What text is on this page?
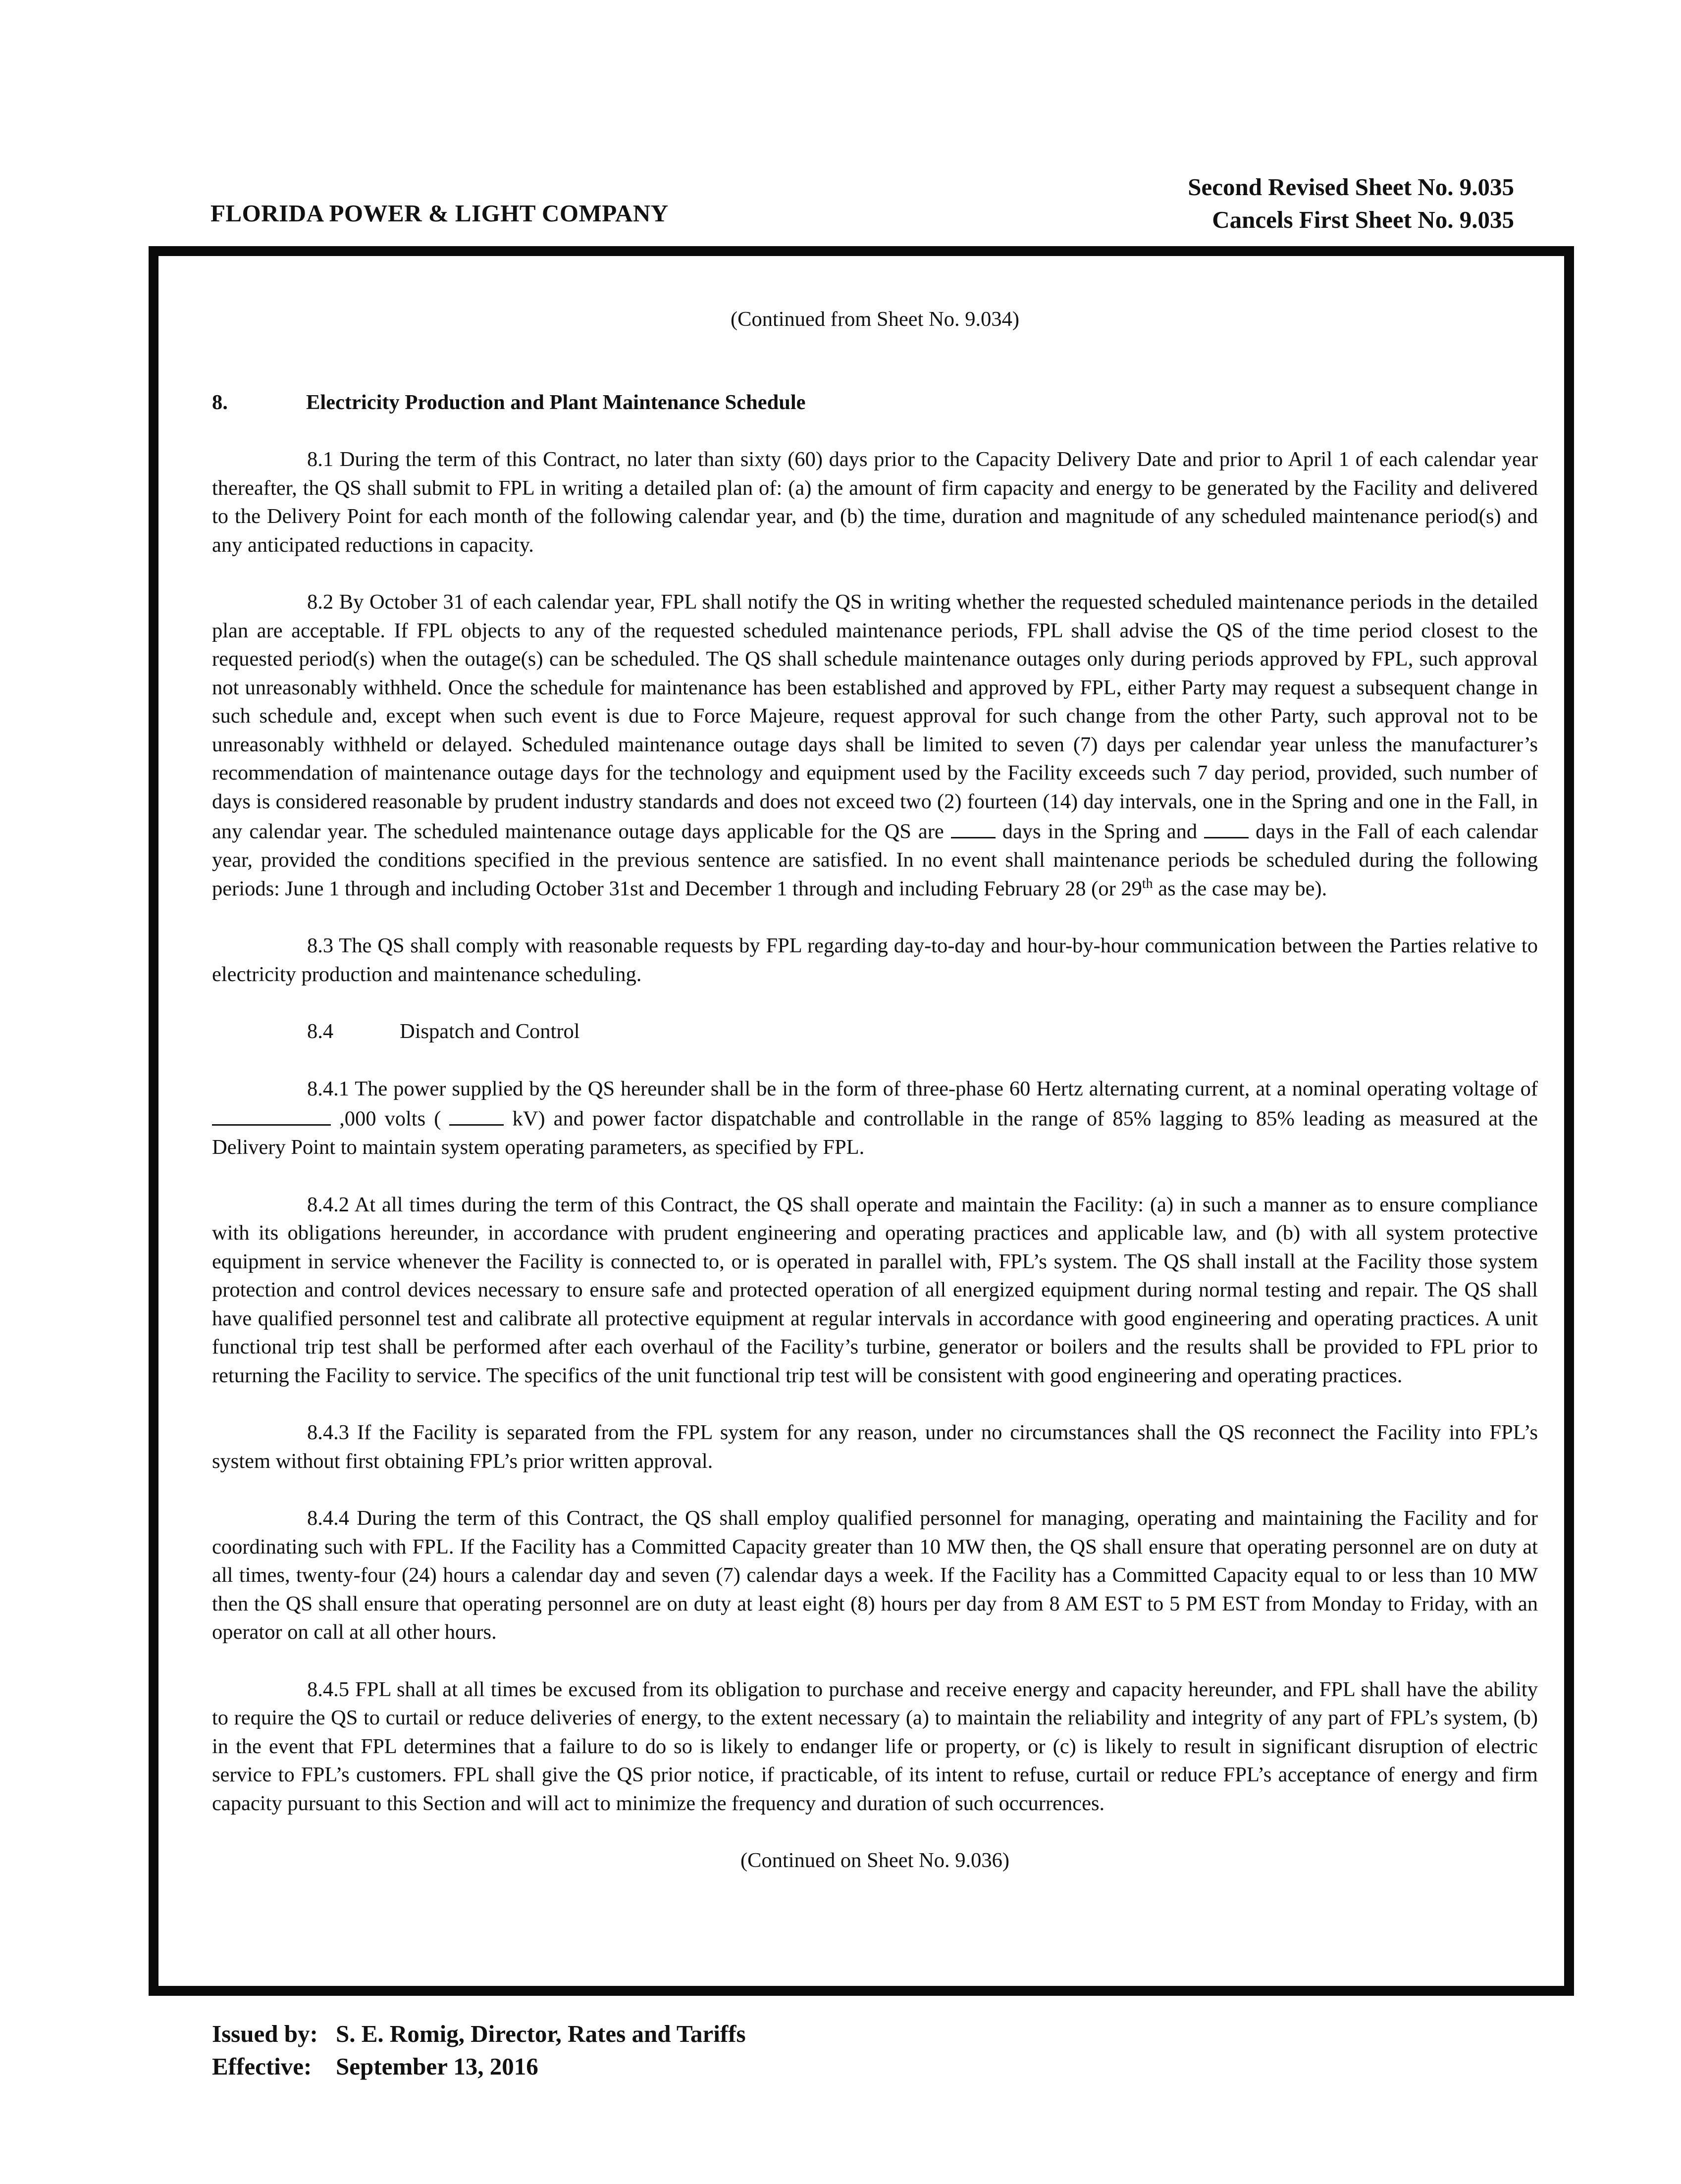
FLORIDA POWER & LIGHT COMPANY
Second Revised Sheet No. 9.035
Cancels First Sheet No. 9.035
(Continued from Sheet No. 9.034)
8.	Electricity Production and Plant Maintenance Schedule

8.1 During the term of this Contract, no later than sixty (60) days prior to the Capacity Delivery Date and prior to April 1 of each calendar year thereafter, the QS shall submit to FPL in writing a detailed plan of: (a) the amount of firm capacity and energy to be generated by the Facility and delivered to the Delivery Point for each month of the following calendar year, and (b) the time, duration and magnitude of any scheduled maintenance period(s) and any anticipated reductions in capacity.

8.2 By October 31 of each calendar year, FPL shall notify the QS in writing whether the requested scheduled maintenance periods in the detailed plan are acceptable. If FPL objects to any of the requested scheduled maintenance periods, FPL shall advise the QS of the time period closest to the requested period(s) when the outage(s) can be scheduled. The QS shall schedule maintenance outages only during periods approved by FPL, such approval not unreasonably withheld. Once the schedule for maintenance has been established and approved by FPL, either Party may request a subsequent change in such schedule and, except when such event is due to Force Majeure, request approval for such change from the other Party, such approval not to be unreasonably withheld or delayed. Scheduled maintenance outage days shall be limited to seven (7) days per calendar year unless the manufacturer’s recommendation of maintenance outage days for the technology and equipment used by the Facility exceeds such 7 day period, provided, such number of days is considered reasonable by prudent industry standards and does not exceed two (2) fourteen (14) day intervals, one in the Spring and one in the Fall, in any calendar year. The scheduled maintenance outage days applicable for the QS are	days in the Spring and	days in the Fall of each calendar year, provided the conditions specified in the previous sentence are satisfied. In no event shall maintenance periods be scheduled during the following periods: June 1 through and including October 31st and December 1 through and including February 28 (or 29th as the case may be).

8.3 The QS shall comply with reasonable requests by FPL regarding day-to-day and hour-by-hour communication between the Parties relative to electricity production and maintenance scheduling.

8.4	Dispatch and Control

8.4.1 The power supplied by the QS hereunder shall be in the form of three-phase 60 Hertz alternating current, at a nominal operating voltage of  ,000 volts (	kV) and power factor dispatchable and controllable in the range of 85% lagging to 85% leading as measured at the Delivery Point to maintain system operating parameters, as specified by FPL.

8.4.2 At all times during the term of this Contract, the QS shall operate and maintain the Facility: (a) in such a manner as to ensure compliance with its obligations hereunder, in accordance with prudent engineering and operating practices and applicable law, and (b) with all system protective equipment in service whenever the Facility is connected to, or is operated in parallel with, FPL’s system. The QS shall install at the Facility those system protection and control devices necessary to ensure safe and protected operation of all energized equipment during normal testing and repair. The QS shall have qualified personnel test and calibrate all protective equipment at regular intervals in accordance with good engineering and operating practices. A unit functional trip test shall be performed after each overhaul of the Facility’s turbine, generator or boilers and the results shall be provided to FPL prior to returning the Facility to service. The specifics of the unit functional trip test will be consistent with good engineering and operating practices.

8.4.3 If the Facility is separated from the FPL system for any reason, under no circumstances shall the QS reconnect the Facility into FPL’s system without first obtaining FPL’s prior written approval.

8.4.4 During the term of this Contract, the QS shall employ qualified personnel for managing, operating and maintaining the Facility and for coordinating such with FPL. If the Facility has a Committed Capacity greater than 10 MW then, the QS shall ensure that operating personnel are on duty at all times, twenty-four (24) hours a calendar day and seven (7) calendar days a week. If the Facility has a Committed Capacity equal to or less than 10 MW then the QS shall ensure that operating personnel are on duty at least eight (8) hours per day from 8 AM EST to 5 PM EST from Monday to Friday, with an operator on call at all other hours.

8.4.5 FPL shall at all times be excused from its obligation to purchase and receive energy and capacity hereunder, and FPL shall have the ability to require the QS to curtail or reduce deliveries of energy, to the extent necessary (a) to maintain the reliability and integrity of any part of FPL’s system, (b) in the event that FPL determines that a failure to do so is likely to endanger life or property, or (c) is likely to result in significant disruption of electric service to FPL’s customers. FPL shall give the QS prior notice, if practicable, of its intent to refuse, curtail or reduce FPL’s acceptance of energy and firm capacity pursuant to this Section and will act to minimize the frequency and duration of such occurrences.

(Continued on Sheet No. 9.036)
Issued by: S. E. Romig, Director, Rates and Tariffs
Effective: September 13, 2016
